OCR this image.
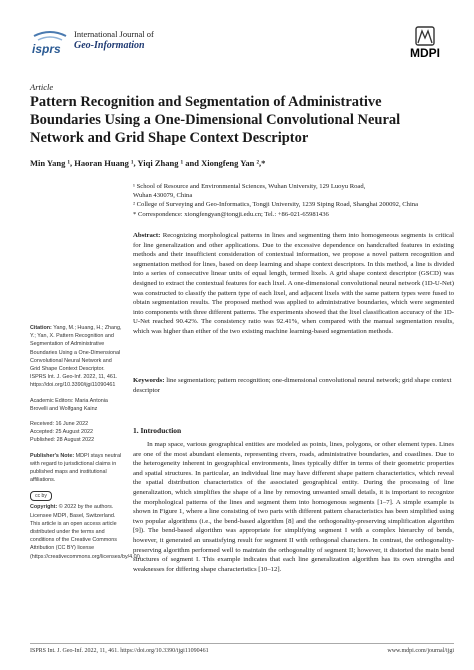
isprs
International Journal of
Geo-Information
MDPI
Article
Pattern Recognition and Segmentation of Administrative Boundaries Using a One-Dimensional Convolutional Neural Network and Grid Shape Context Descriptor
Min Yang ¹, Haoran Huang ¹, Yiqi Zhang ¹ and Xiongfeng Yan ²,*
¹ School of Resource and Environmental Sciences, Wuhan University, 129 Luoyu Road,
Wuhan 430079, China
² College of Surveying and Geo-Informatics, Tongji University, 1239 Siping Road, Shanghai 200092, China
* Correspondence: xiongfengyan@tongji.edu.cn; Tel.: +86-021-65981436
Abstract: Recognizing morphological patterns in lines and segmenting them into homogeneous segments is critical for line generalization and other applications. Due to the excessive dependence on handcrafted features in existing methods and their insufficient consideration of contextual information, we propose a novel pattern recognition and segmentation method for lines, based on deep learning and shape context descriptors. In this method, a line is divided into a series of consecutive linear units of equal length, termed lixels. A grid shape context descriptor (GSCD) was designed to extract the contextual features for each lixel. A one-dimensional convolutional neural network (1D-U-Net) was constructed to classify the pattern type of each lixel, and adjacent lixels with the same pattern types were fused to obtain segmentation results. The proposed method was applied to administrative boundaries, which were segmented into components with three different patterns. The experiments showed that the lixel classification accuracy of the 1D-U-Net reached 90.42%. The consistency ratio was 92.41%, when compared with the manual segmentation results, which was higher than either of the two existing machine learning-based segmentation methods.
Keywords: line segmentation; pattern recognition; one-dimensional convolutional neural network; grid shape context descriptor

Citation: Yang, M.; Huang, H.; Zhang, Y.; Yan, X. Pattern Recognition and Segmentation of Administrative Boundaries Using a One-Dimensional Convolutional Neural Network and Grid Shape Context Descriptor. ISPRS Int. J. Geo-Inf. 2022, 11, 461. https://doi.org/10.3390/ijgi11090461

Academic Editors: Maria Antonia Brovelli and Wolfgang Kainz

Received: 16 June 2022
Accepted: 25 August 2022
Published: 28 August 2022

Publisher's Note: MDPI stays neutral with regard to jurisdictional claims in published maps and institutional affiliations.

cc by

Copyright: © 2022 by the authors. Licensee MDPI, Basel, Switzerland. This article is an open access article distributed under the terms and conditions of the Creative Commons Attribution (CC BY) license (https://creativecommons.org/licenses/by/4.0/).

1. Introduction
In map space, various geographical entities are modeled as points, lines, polygons, or other element types. Lines are one of the most abundant elements, representing rivers, roads, administrative boundaries, and coastlines. Due to the heterogeneity inherent in geographical environments, lines typically differ in terms of their geometric properties and spatial structures. In particular, an individual line may have different shape pattern characteristics, which reveal the spatial distribution characteristics of the associated geographical entity. During the processing of line generalization, which simplifies the shape of a line by removing unwanted small details, it is important to recognize the morphological patterns of the lines and segment them into homogenous segments [1–7]. A simple example is shown in Figure 1, where a line consisting of two parts with different pattern characteristics has been simplified using two popular algorithms (i.e., the bend-based algorithm [8] and the orthogonality-preserving simplification algorithm [9]). The bend-based algorithm was appropriate for simplifying segment I with a complex hierarchy of bends, however, it generated an unsatisfying result for segment II with orthogonal characters. In contrast, the orthogonality-preserving algorithm performed well to maintain the orthogonality of segment II; however, it distorted the main bend structures of segment I. This example indicates that each line generalization algorithm has its own strengths and weaknesses for differing shape characteristics [10–12].
ISPRS Int. J. Geo-Inf. 2022, 11, 461. https://doi.org/10.3390/ijgi11090461	www.mdpi.com/journal/ijgi
